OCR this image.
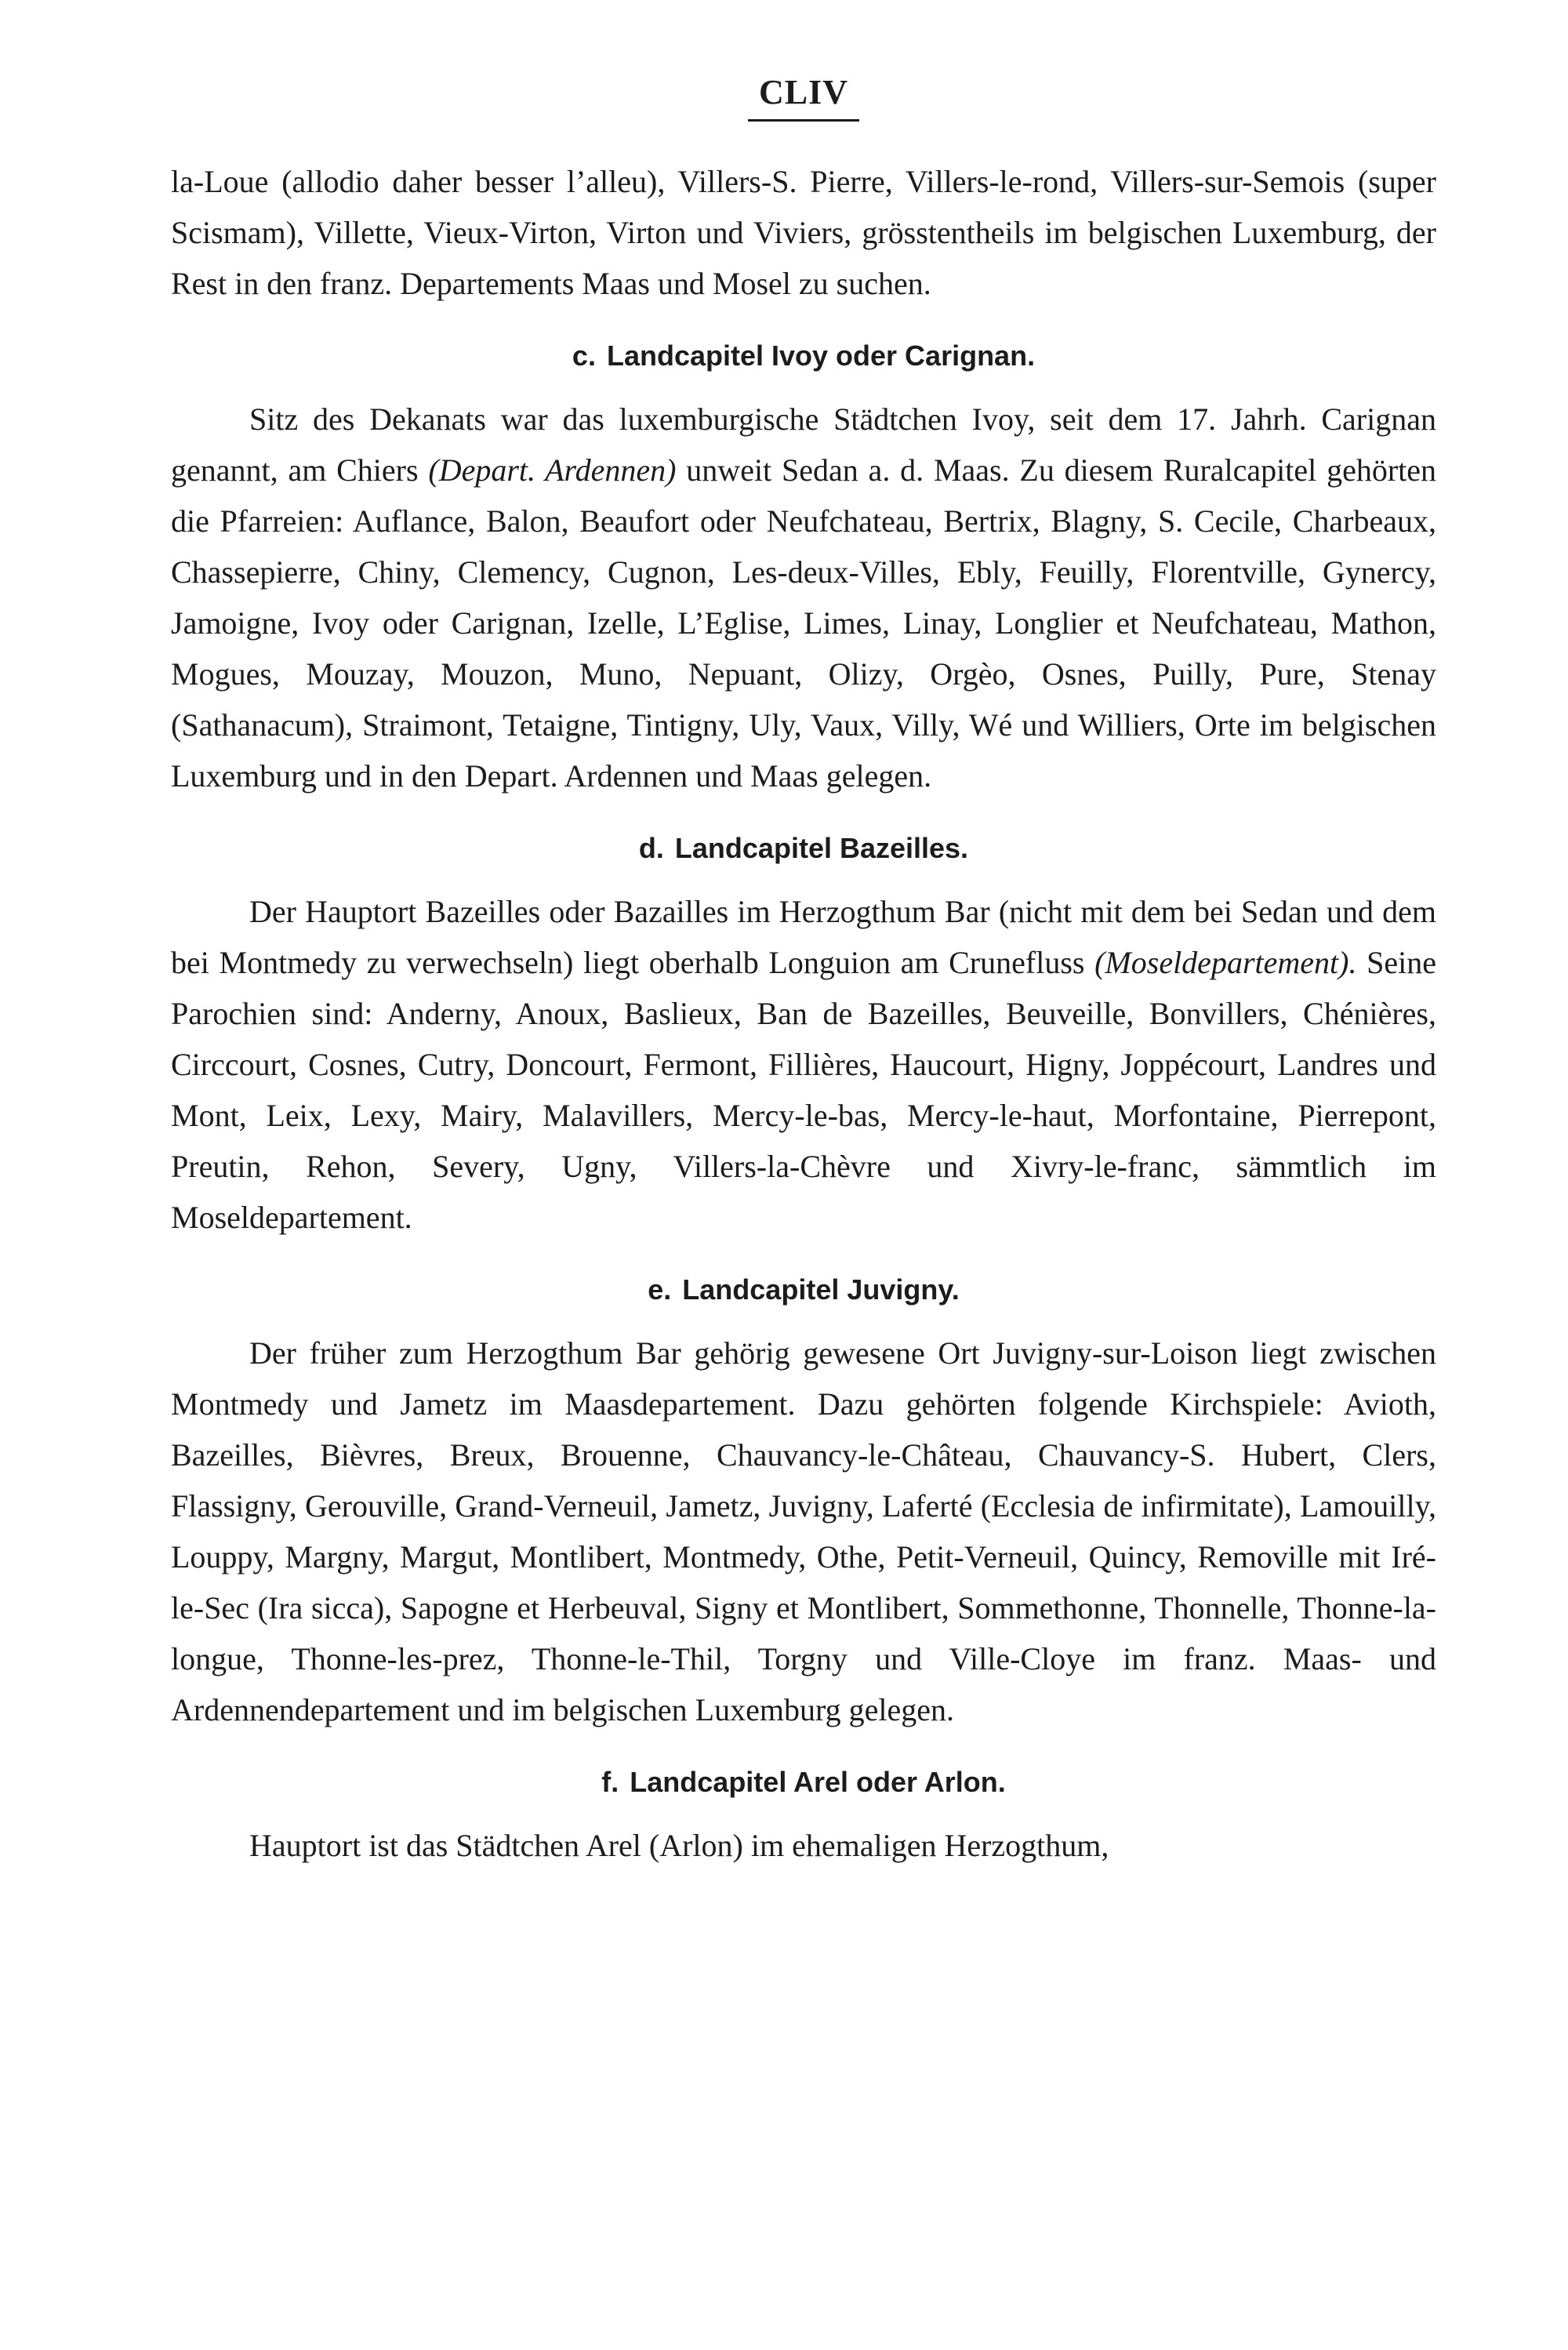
CLIV

la-Loue (allodio daher besser l’alleu), Villers-S. Pierre, Villers-le-rond, Villers-sur-Semois (super Scismam), Villette, Vieux-Virton, Virton und Viviers, grösstentheils im belgischen Luxemburg, der Rest in den franz. Departements Maas und Mosel zu suchen.

c. Landcapitel Ivoy oder Carignan.

Sitz des Dekanats war das luxemburgische Städtchen Ivoy, seit dem 17. Jahrh. Carignan genannt, am Chiers (Depart. Ardennen) unweit Sedan a. d. Maas. Zu diesem Ruralcapitel gehörten die Pfarreien: Auflance, Balon, Beaufort oder Neufchateau, Bertrix, Blagny, S. Cecile, Charbeaux, Chassepierre, Chiny, Clemency, Cugnon, Les-deux-Villes, Ebly, Feuilly, Florentville, Gynercy, Jamoigne, Ivoy oder Carignan, Izelle, L’Eglise, Limes, Linay, Longlier et Neufchateau, Mathon, Mogues, Mouzay, Mouzon, Muno, Nepuant, Olizy, Orgèo, Osnes, Puilly, Pure, Stenay (Sathanacum), Straimont, Tetaigne, Tintigny, Uly, Vaux, Villy, Wé und Williers, Orte im belgischen Luxemburg und in den Depart. Ardennen und Maas gelegen.

d. Landcapitel Bazeilles.

Der Hauptort Bazeilles oder Bazailles im Herzogthum Bar (nicht mit dem bei Sedan und dem bei Montmedy zu verwechseln) liegt oberhalb Longuion am Crunefluss (Moseldepartement). Seine Parochien sind: Anderny, Anoux, Baslieux, Ban de Bazeilles, Beuveille, Bonvillers, Chénières, Circcourt, Cosnes, Cutry, Doncourt, Fermont, Fillières, Haucourt, Higny, Joppécourt, Landres und Mont, Leix, Lexy, Mairy, Malavillers, Mercy-le-bas, Mercy-le-haut, Morfontaine, Pierrepont, Preutin, Rehon, Severy, Ugny, Villers-la-Chèvre und Xivry-le-franc, sämmtlich im Moseldepartement.

e. Landcapitel Juvigny.

Der früher zum Herzogthum Bar gehörig gewesene Ort Juvigny-sur-Loison liegt zwischen Montmedy und Jametz im Maasdepartement. Dazu gehörten folgende Kirchspiele: Avioth, Bazeilles, Bièvres, Breux, Brouenne, Chauvancy-le-Château, Chauvancy-S. Hubert, Clers, Flassigny, Gerouville, Grand-Verneuil, Jametz, Juvigny, Laferté (Ecclesia de infirmitate), Lamouilly, Louppy, Margny, Margut, Montlibert, Montmedy, Othe, Petit-Verneuil, Quincy, Removille mit Iré-le-Sec (Ira sicca), Sapogne et Herbeuval, Signy et Montlibert, Sommethonne, Thonnelle, Thonne-la-longue, Thonne-les-prez, Thonne-le-Thil, Torgny und Ville-Cloye im franz. Maas- und Ardennendepartement und im belgischen Luxemburg gelegen.

f. Landcapitel Arel oder Arlon.

Hauptort ist das Städtchen Arel (Arlon) im ehemaligen Herzogthum,
